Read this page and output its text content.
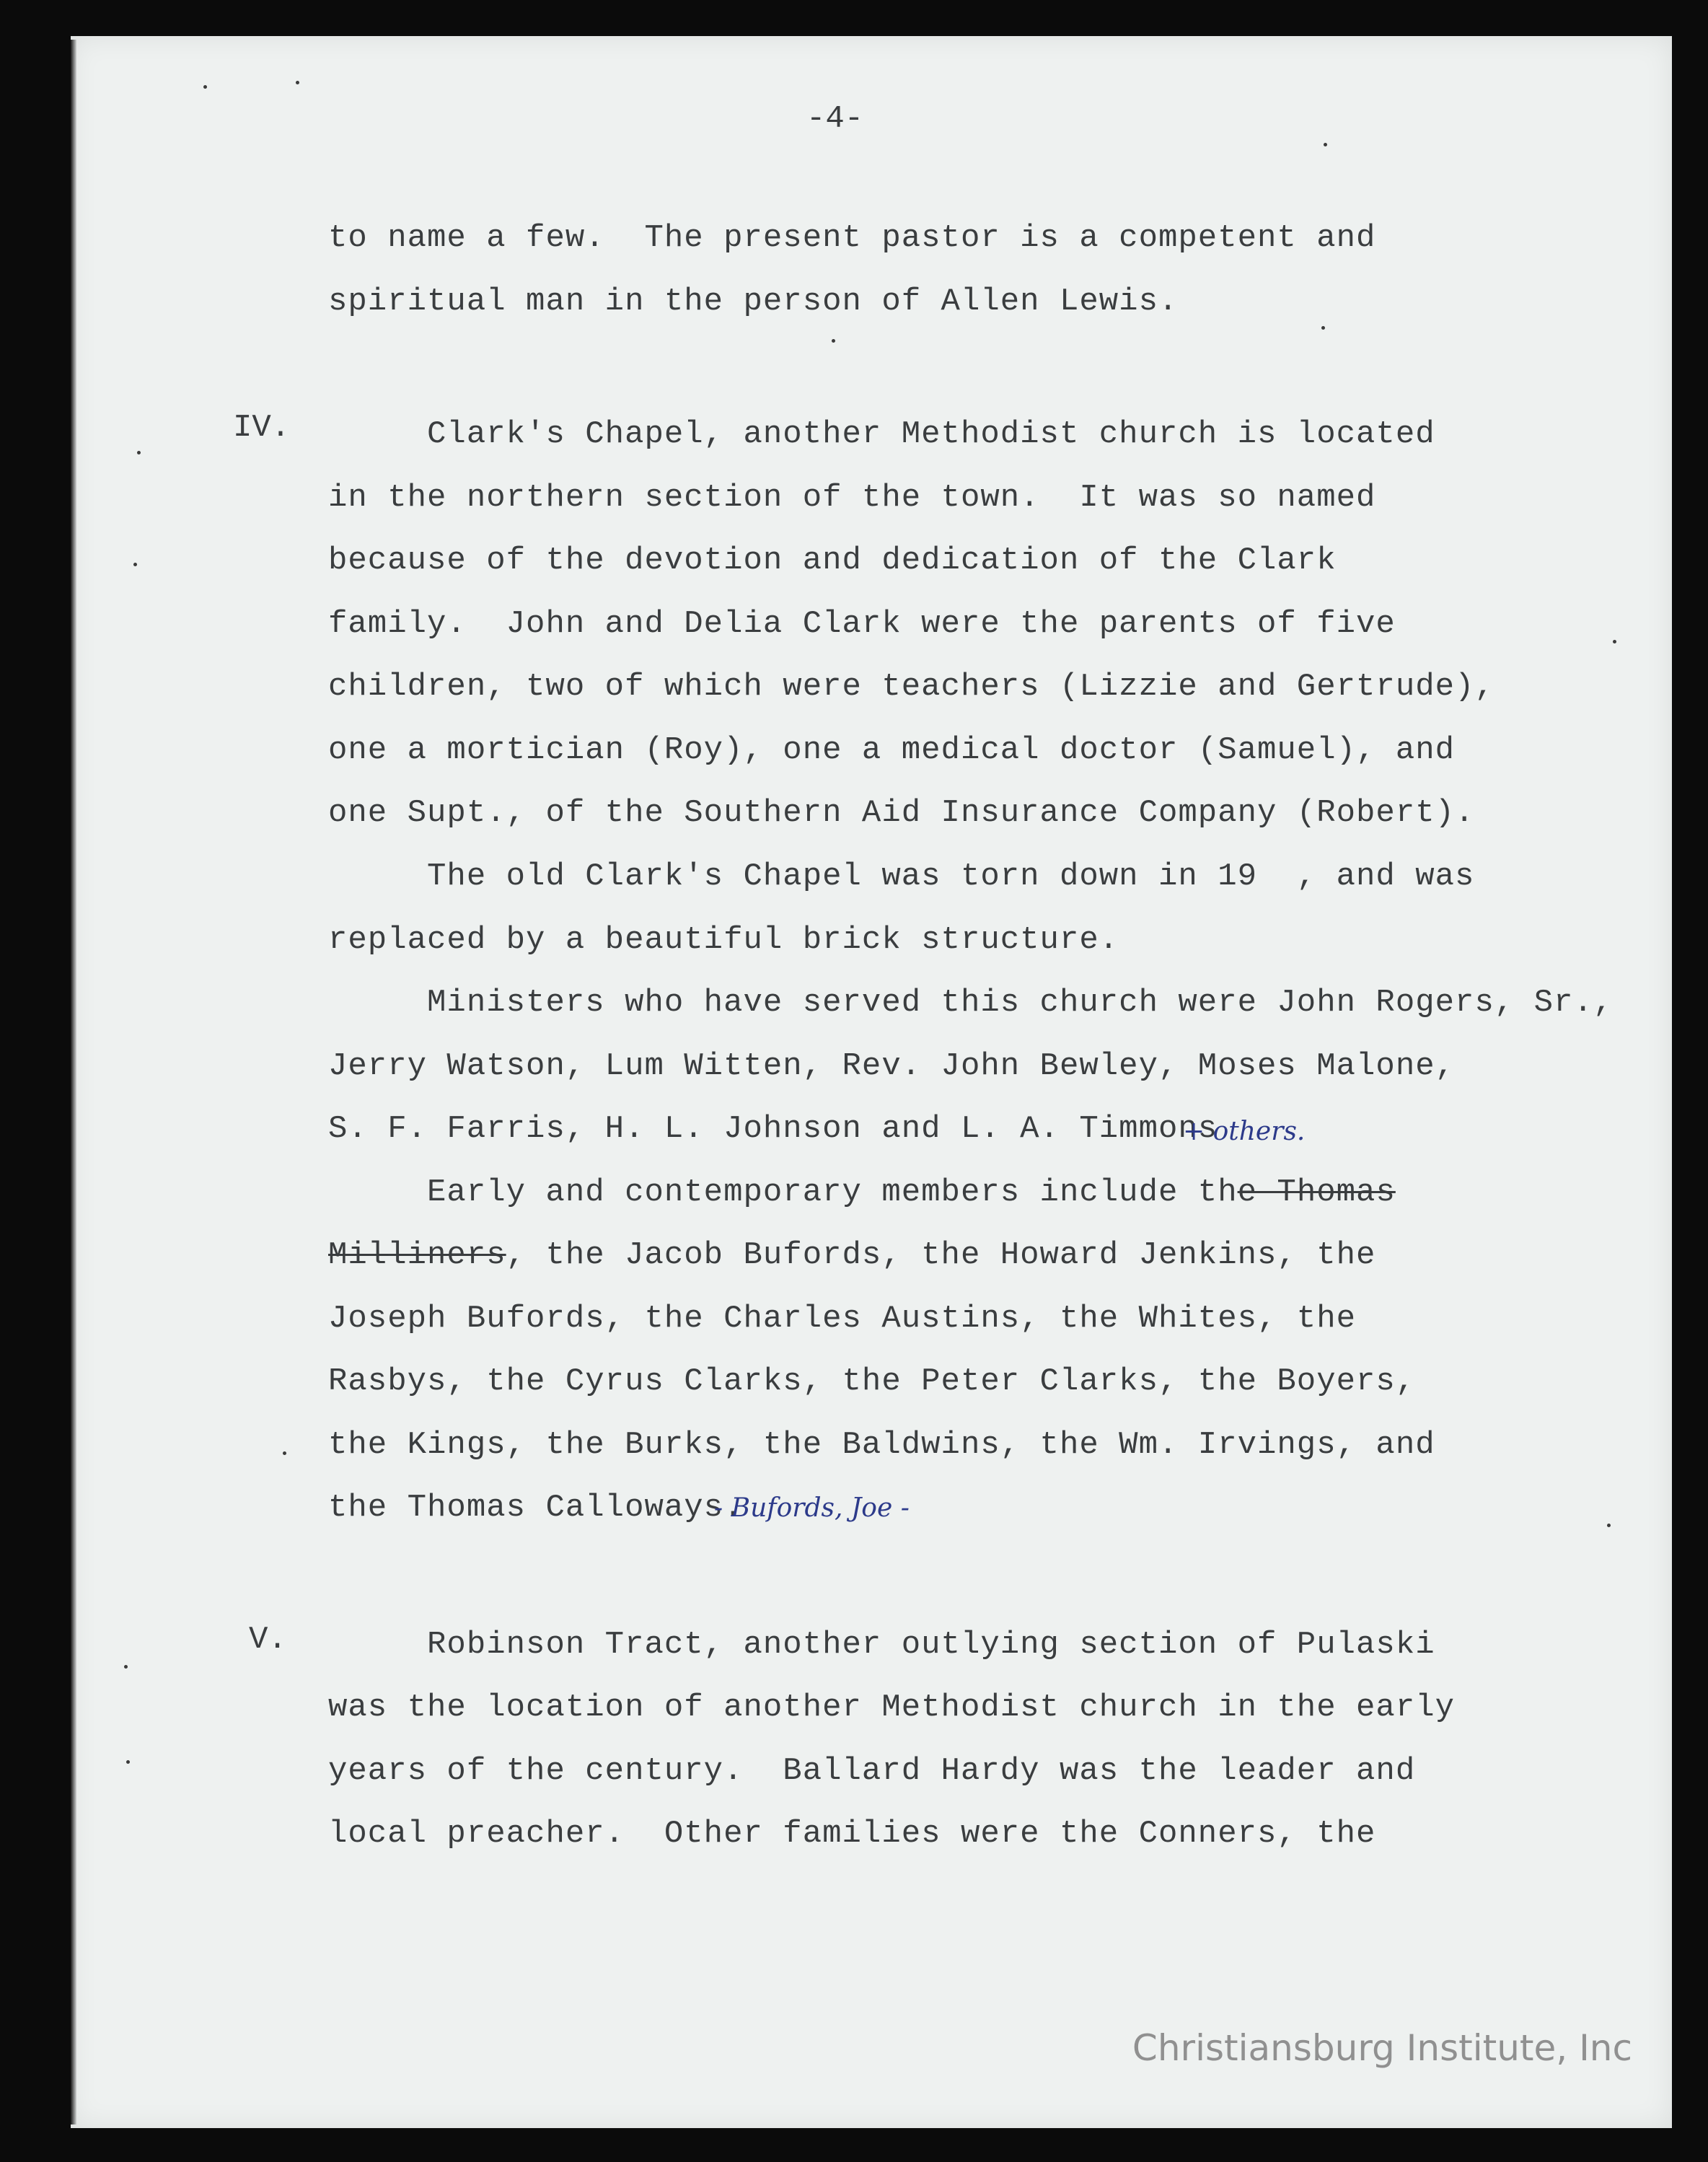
-4-
to name a few.  The present pastor is a competent and
spiritual man in the person of Allen Lewis.
IV. Clark's Chapel, another Methodist church is located
in the northern section of the town.  It was so named
because of the devotion and dedication of the Clark
family.  John and Delia Clark were the parents of five
children, two of which were teachers (Lizzie and Gertrude),
one a mortician (Roy), one a medical doctor (Samuel), and
one Supt., of the Southern Aid Insurance Company (Robert).
The old Clark's Chapel was torn down in 19  , and was
replaced by a beautiful brick structure.
Ministers who have served this church were John Rogers, Sr.,
Jerry Watson, Lum Witten, Rev. John Bewley, Moses Malone,
S. F. Farris, H. L. Johnson and L. A. Timmons
+ others.
Early and contemporary members include the Thomas
Milliners, the Jacob Bufords, the Howard Jenkins, the
Joseph Bufords, the Charles Austins, the Whites, the
Rasbys, the Cyrus Clarks, the Peter Clarks, the Boyers,
the Kings, the Burks, the Baldwins, the Wm. Irvings, and
the Thomas Calloways.
- Bufords, Joe -
V. Robinson Tract, another outlying section of Pulaski
was the location of another Methodist church in the early
years of the century.  Ballard Hardy was the leader and
local preacher.  Other families were the Conners, the
Christiansburg Institute, Inc
